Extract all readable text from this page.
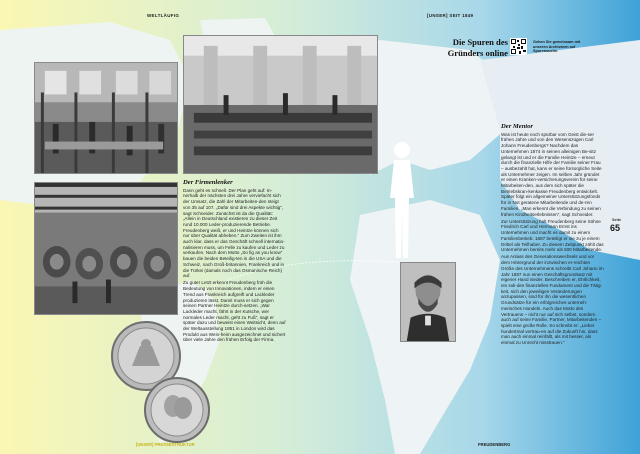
WELTLÄUFIG	[UNSER] SEIT 1849
Der Firmenlenker

Dann geht es schnell. Der Plan geht auf: In-nerhalb der nächsten drei Jahre verviefacht sich der Umsatz, die Zahl der Mitarbeiten-den steigt von 35 auf 107. „Dafür sind drei Aspekte wichtig“, sagt Schneider. Zunächst ist da die Qualität: „Allein in Deutschland existieren zu dieser Zeit rund 10.000 Leder-produzierende Betriebe. Freudenberg weiß, er und Heintze können sich nur über Qualität abheben.“ Zum Zweiten ist ihm auch klar, dass er das Geschäft schnell internatio-nalisieren muss, um Felle zu kaufen und Leder zu verkaufen. Nach dem Motto „So fig as you know“ bauen die beiden Beteilig-ten in die USA und die Schweiz, nach Groß-britannien, Frankreich und in die Türkei (damals noch das Osmanische Reich) auf.

Zu guter Letzt erkennt Freudenberg früh die Bedeutung von Innovationen, indem er einen Trend aus Frankreich aufgreift und Lackleder produzieren lässt. Damit muss er sich gegen seinen Partner Heintze durch-setzen. „War Lackleder macht, fährt in der Kutsche, wer normales Leder macht, geht zu Fuß“, sagt er später dazu und beweist einen Weitsicht, denn auf der Weltausstellung 1851 in London wird das Produkt aus Wein-heim ausgezeichnet und sichert über viele Jahre den frühen Erfolg der Firma.

Die Spuren des
Gründers online
Gehen Sie gemeinsam mit unseren Archivaren auf Spurensuche.
Der Mentor

Was ist heute noch spürbar vom Geist die-ser frühen Jahre und von den Wesenszügen Carl Johann Freudenbergs? Nachdem das Unternehmen 1874 in seinen alleinigen Be-sitz gelangt ist und er die Familie Heintze – erneut durch die finanzielle Hilfe der Familie seiner Frau – ausbezahlt hat, kann er seine fürsorgliche Seite als Unternehmer zeigen. Im selben Jahr gründet er einen Kranken-versicherungsverein für seine Mitarbeiten-den, aus dem sich später die Betriebskran-kenkasse Freudenberg entwickelt. Später folgt ein allgemeiner Unterstützungsfonds für in Not geratene Mitarbeitende und de-ren Familien. „Man erkennt die Verbindung zu seinen frühen Kindheitserlebnissen“, sagt Schneider.

Zur Unterstützung holt Freudenberg seine Söhne Friedrich Carl und Hermann Ernst ins Unternehmen und macht es damit zu einem Familienbetrieb: 1887 beteiligt er sie zu je einem Drittel als Teilhaber. Zu diesem Zeitpunkt zählt das Unternehmen bereits mehr als 500 Mitarbeitende.

Aus Anlass des Generationswechsels und vor dem Hintergrund der inzwischen er-reichten Größe des Unternehmens schreibt Carl Johann im Jahr 1887 nun einen Geschäftsgrundsatz mit eigener Hand nieder. Beschreiben er, Ehrlichkeit, ein soli-des finanzielles Fundament und die Tätig-keit, sich den jeweiligen Veränderungen anzupassen, sind für ihn die wesentlichen Grundsätze für ein erfolgreiches unterneh-merisches Handeln. Auch das Motto des Vertrauens – nicht nur auf sich selbst, sondern auch auf seine Familie, Partner, Mitarbeitenden – spielt eine große Rolle. So schreibt er: „Lieber hundertmal vertrau-en auf die Zukunft hin, dass man auch einmal reinfällt, als mit besser, als einmal zu Unrecht misstrauen.“

Seite
65
[UNSER] PRESSESTRUKTUR	FREUDENBERG
